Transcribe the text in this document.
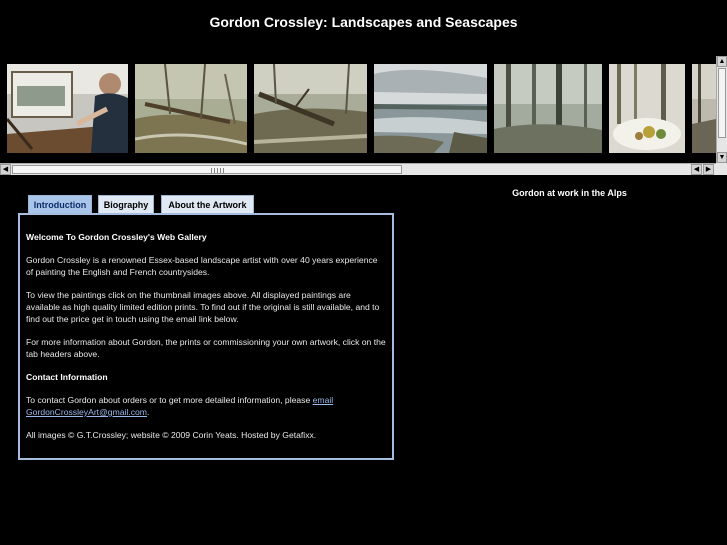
Gordon Crossley: Landscapes and Seascapes
▲
▼
◀	◀ ▶
Introduction	Biography	About the Artwork

Welcome To Gordon Crossley's Web Gallery

Gordon Crossley is a renowned Essex-based landscape artist with over 40 years experience of painting the English and French countrysides.

To view the paintings click on the thumbnail images above. All displayed paintings are available as high quality limited edition prints. To find out if the original is still available, and to find out the price get in touch using the email link below.

For more information about Gordon, the prints or commissioning your own artwork, click on the tab headers above.

Contact Information

To contact Gordon about orders or to get more detailed information, please email GordonCrossleyArt@gmail.com.

All images © G.T.Crossley; website © 2009 Corin Yeats. Hosted by Getafixx.

Gordon at work in the Alps
